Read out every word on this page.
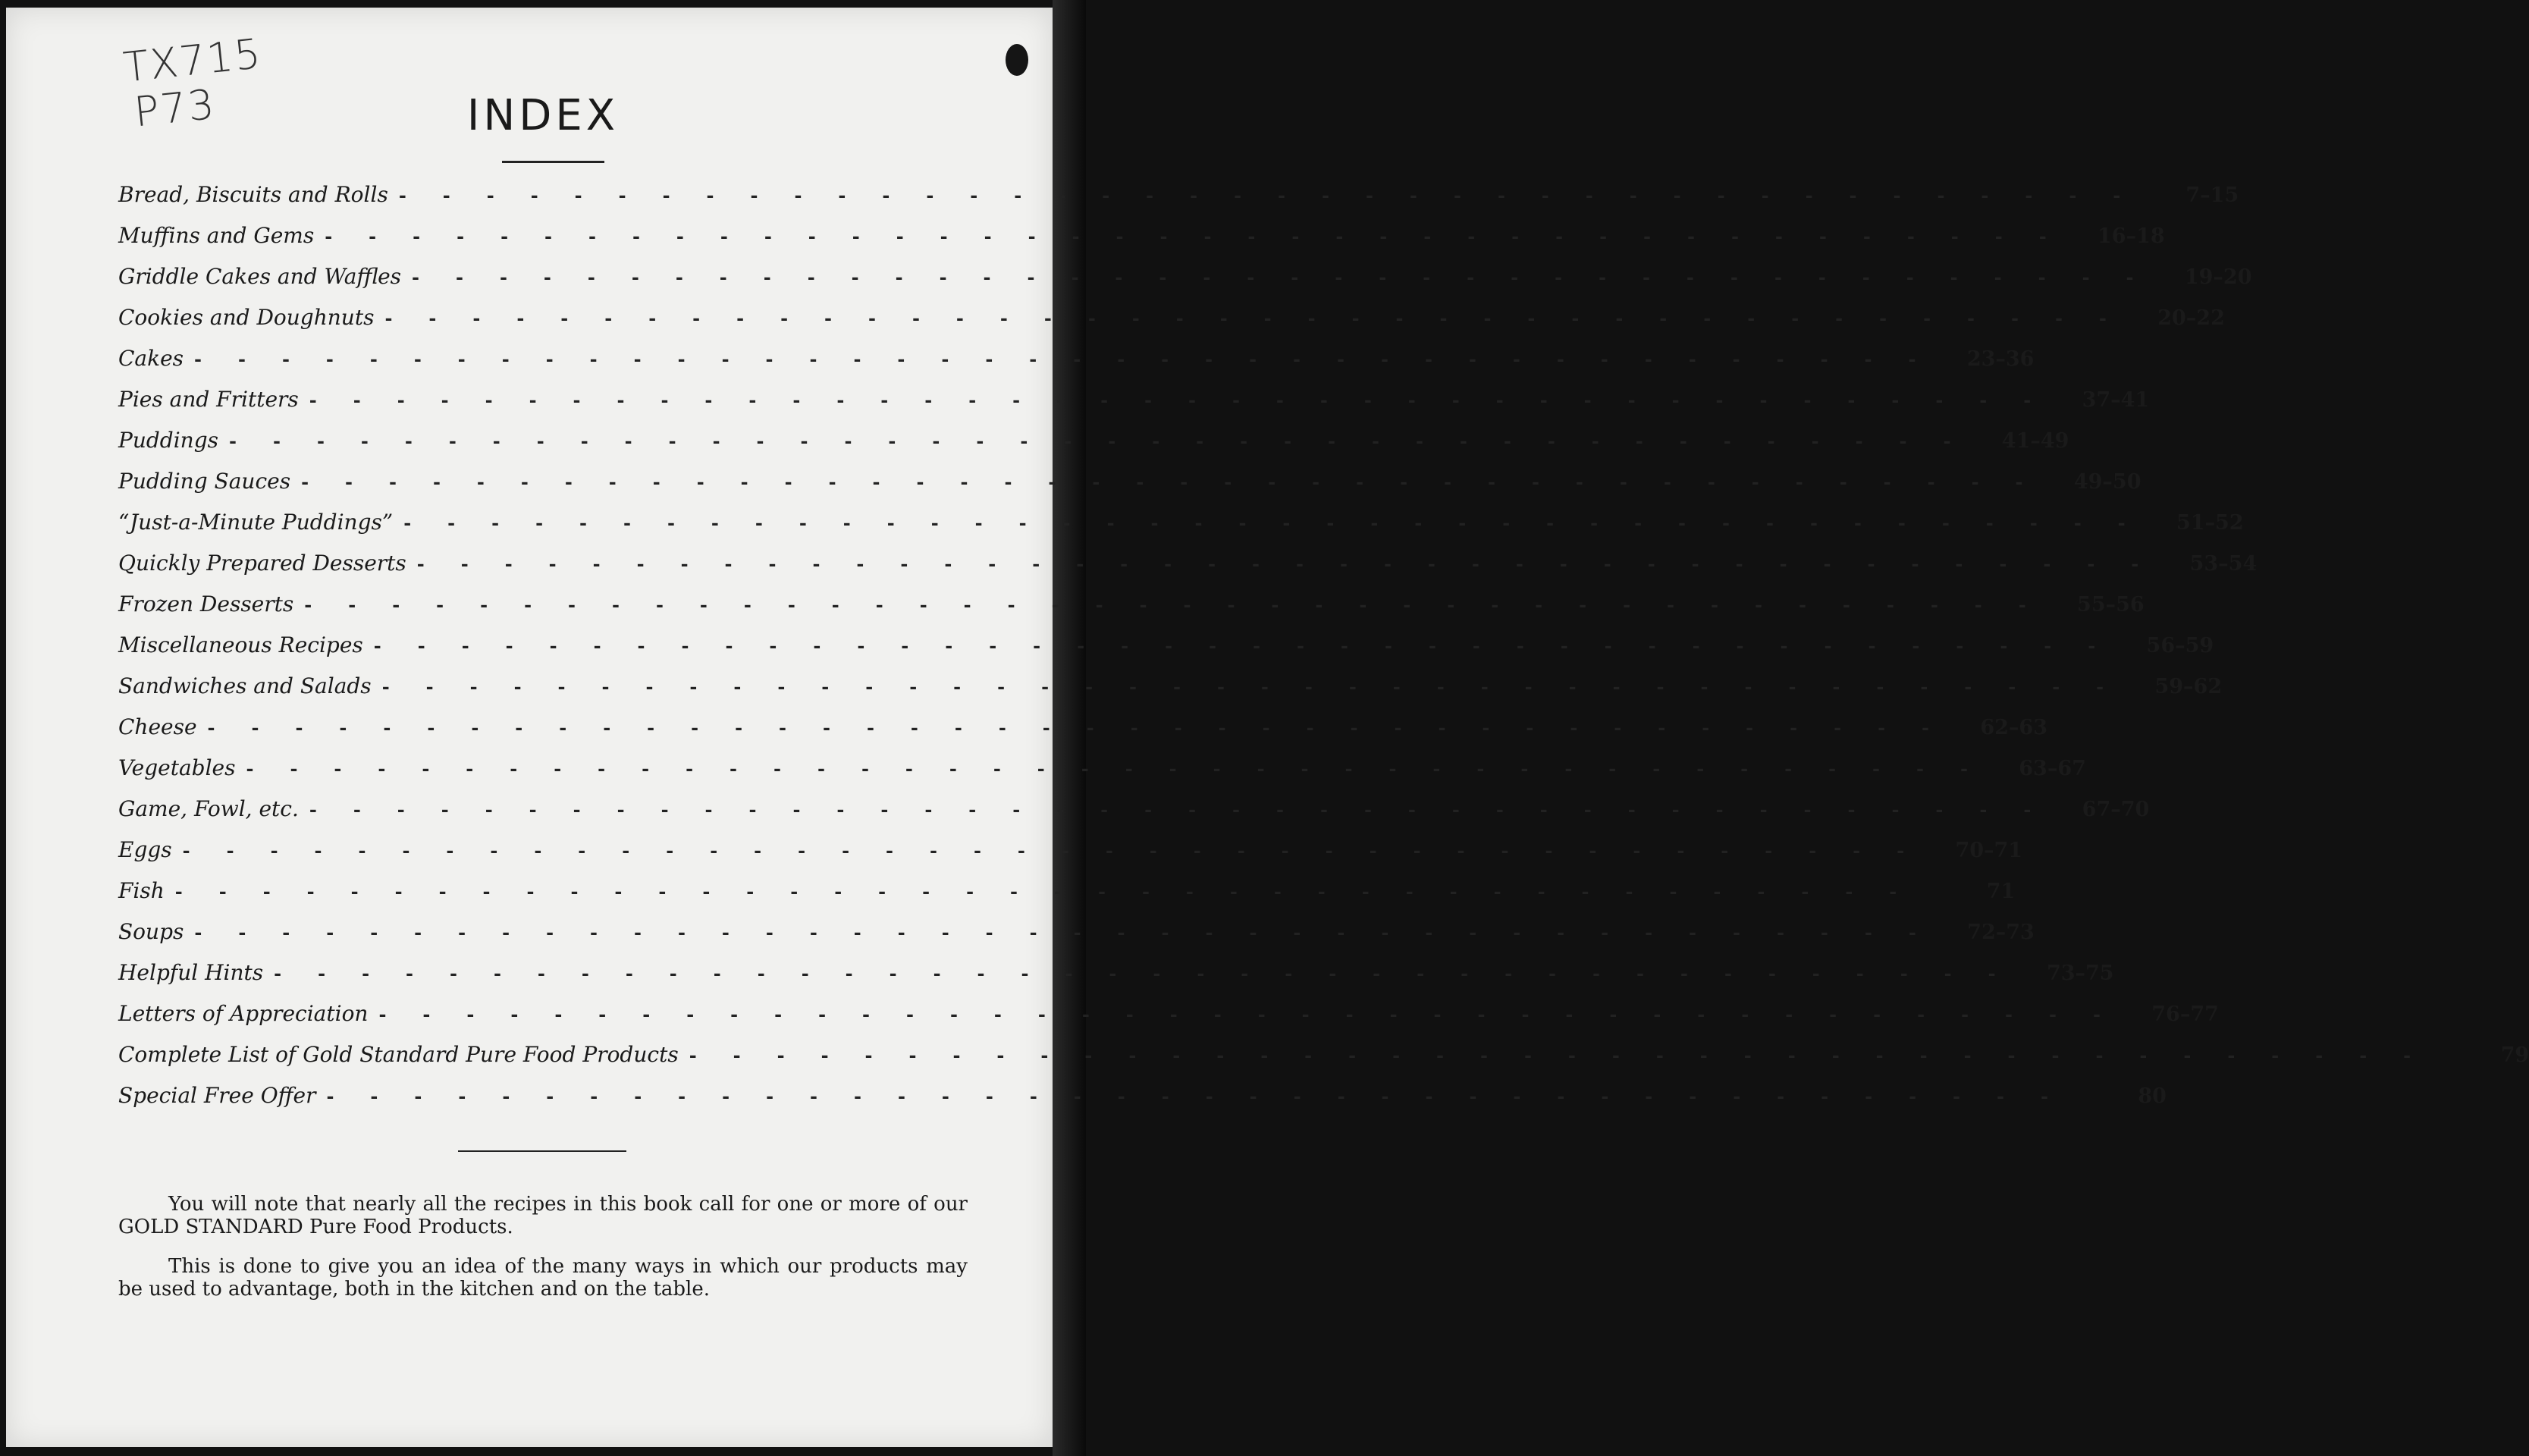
TX715
P73	INDEX
Bread, Biscuits and Rolls -  -  -  -  -  -  -  -  -  -  -  -  -  -  -  -  -  -  -  -  -  -  -  -  -  -  -  -  -  -  -  -  -  -  -  -  -  -  -  -  	7–15
Muffins and Gems -  -  -  -  -  -  -  -  -  -  -  -  -  -  -  -  -  -  -  -  -  -  -  -  -  -  -  -  -  -  -  -  -  -  -  -  -  -  -  -   16–18
Griddle Cakes and Waffles -  -  -  -  -  -  -  -  -  -  -  -  -  -  -  -  -  -  -  -  -  -  -  -  -  -  -  -  -  -  -  -  -  -  -  -  -  -  -  -   19–20
Cookies and Doughnuts -  -  -  -  -  -  -  -  -  -  -  -  -  -  -  -  -  -  -  -  -  -  -  -  -  -  -  -  -  -  -  -  -  -  -  -  -  -  -  -   20–22
Cakes -  -  -  -  -  -  -  -  -  -  -  -  -  -  -  -  -  -  -  -  -  -  -  -  -  -  -  -  -  -  -  -  -  -  -  -  -  -  -  -   23–36
Pies and Fritters -  -  -  -  -  -  -  -  -  -  -  -  -  -  -  -  -  -  -  -  -  -  -  -  -  -  -  -  -  -  -  -  -  -  -  -  -  -  -  -   37–41
Puddings -  -  -  -  -  -  -  -  -  -  -  -  -  -  -  -  -  -  -  -  -  -  -  -  -  -  -  -  -  -  -  -  -  -  -  -  -  -  -  -   41–49
Pudding Sauces -  -  -  -  -  -  -  -  -  -  -  -  -  -  -  -  -  -  -  -  -  -  -  -  -  -  -  -  -  -  -  -  -  -  -  -  -  -  -  -   49–50
“Just-a-Minute Puddings” -  -  -  -  -  -  -  -  -  -  -  -  -  -  -  -  -  -  -  -  -  -  -  -  -  -  -  -  -  -  -  -  -  -  -  -  -  -  -  -   51–52
Quickly Prepared Desserts -  -  -  -  -  -  -  -  -  -  -  -  -  -  -  -  -  -  -  -  -  -  -  -  -  -  -  -  -  -  -  -  -  -  -  -  -  -  -  -   53–54
Frozen Desserts -  -  -  -  -  -  -  -  -  -  -  -  -  -  -  -  -  -  -  -  -  -  -  -  -  -  -  -  -  -  -  -  -  -  -  -  -  -  -  -   55–56
Miscellaneous Recipes -  -  -  -  -  -  -  -  -  -  -  -  -  -  -  -  -  -  -  -  -  -  -  -  -  -  -  -  -  -  -  -  -  -  -  -  -  -  -  -   56–59
Sandwiches and Salads -  -  -  -  -  -  -  -  -  -  -  -  -  -  -  -  -  -  -  -  -  -  -  -  -  -  -  -  -  -  -  -  -  -  -  -  -  -  -  -   59–62
Cheese -  -  -  -  -  -  -  -  -  -  -  -  -  -  -  -  -  -  -  -  -  -  -  -  -  -  -  -  -  -  -  -  -  -  -  -  -  -  -  -   62–63
Vegetables -  -  -  -  -  -  -  -  -  -  -  -  -  -  -  -  -  -  -  -  -  -  -  -  -  -  -  -  -  -  -  -  -  -  -  -  -  -  -  -   63–67
Game, Fowl, etc. -  -  -  -  -  -  -  -  -  -  -  -  -  -  -  -  -  -  -  -  -  -  -  -  -  -  -  -  -  -  -  -  -  -  -  -  -  -  -  -   67–70
Eggs -  -  -  -  -  -  -  -  -  -  -  -  -  -  -  -  -  -  -  -  -  -  -  -  -  -  -  -  -  -  -  -  -  -  -  -  -  -  -  -   70–71
Fish -  -  -  -  -  -  -  -  -  -  -  -  -  -  -  -  -  -  -  -  -  -  -  -  -  -  -  -  -  -  -  -  -  -  -  -  -  -  -  -  	71
Soups -  -  -  -  -  -  -  -  -  -  -  -  -  -  -  -  -  -  -  -  -  -  -  -  -  -  -  -  -  -  -  -  -  -  -  -  -  -  -  -   72–73
Helpful Hints -  -  -  -  -  -  -  -  -  -  -  -  -  -  -  -  -  -  -  -  -  -  -  -  -  -  -  -  -  -  -  -  -  -  -  -  -  -  -  -   73–75
Letters of Appreciation -  -  -  -  -  -  -  -  -  -  -  -  -  -  -  -  -  -  -  -  -  -  -  -  -  -  -  -  -  -  -  -  -  -  -  -  -  -  -  -   76–77
Complete List of Gold Standard Pure Food Products -  -  -  -  -  -  -  -  -  -  -  -  -  -  -  -  -  -  -  -  -  -  -  -  -  -  -  -  -  -  -  -  -  -  -  -  -  -  -  -  	79
Special Free Offer -  -  -  -  -  -  -  -  -  -  -  -  -  -  -  -  -  -  -  -  -  -  -  -  -  -  -  -  -  -  -  -  -  -  -  -  -  -  -  -  	80
You will note that nearly all the recipes in this book call for one or more of our GOLD STANDARD Pure Food Products.
This is done to give you an idea of the many ways in which our products may be used to advantage, both in the kitchen and on the table.
